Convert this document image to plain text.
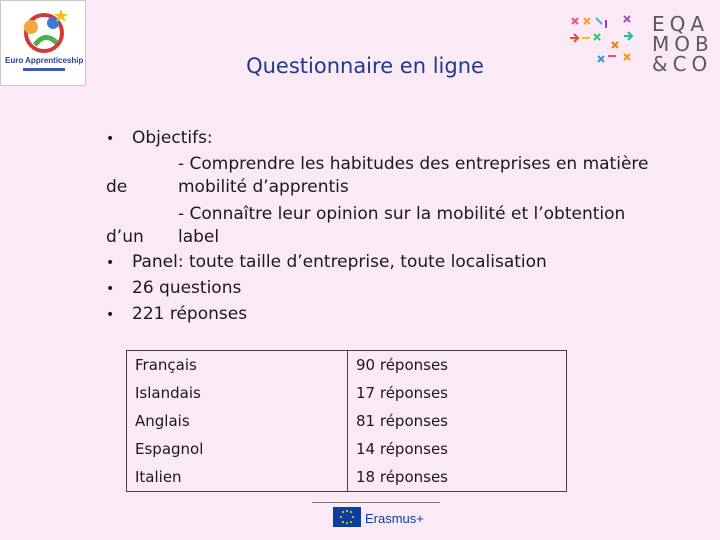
Euro Apprenticeship	Questionnaire en ligne
EQA MOB &CO
• Objectifs:
- Comprendre les habitudes des entreprises en matière
de	mobilité d’apprentis
- Connaître leur opinion sur la mobilité et l’obtention
d’un label
• Panel: toute taille d’entreprise, toute localisation
• 26 questions
• 221 réponses
Français	90 réponses
Islandais	17 réponses
Anglais	81 réponses
Espagnol	14 réponses
Italien	18 réponses
Erasmus+
